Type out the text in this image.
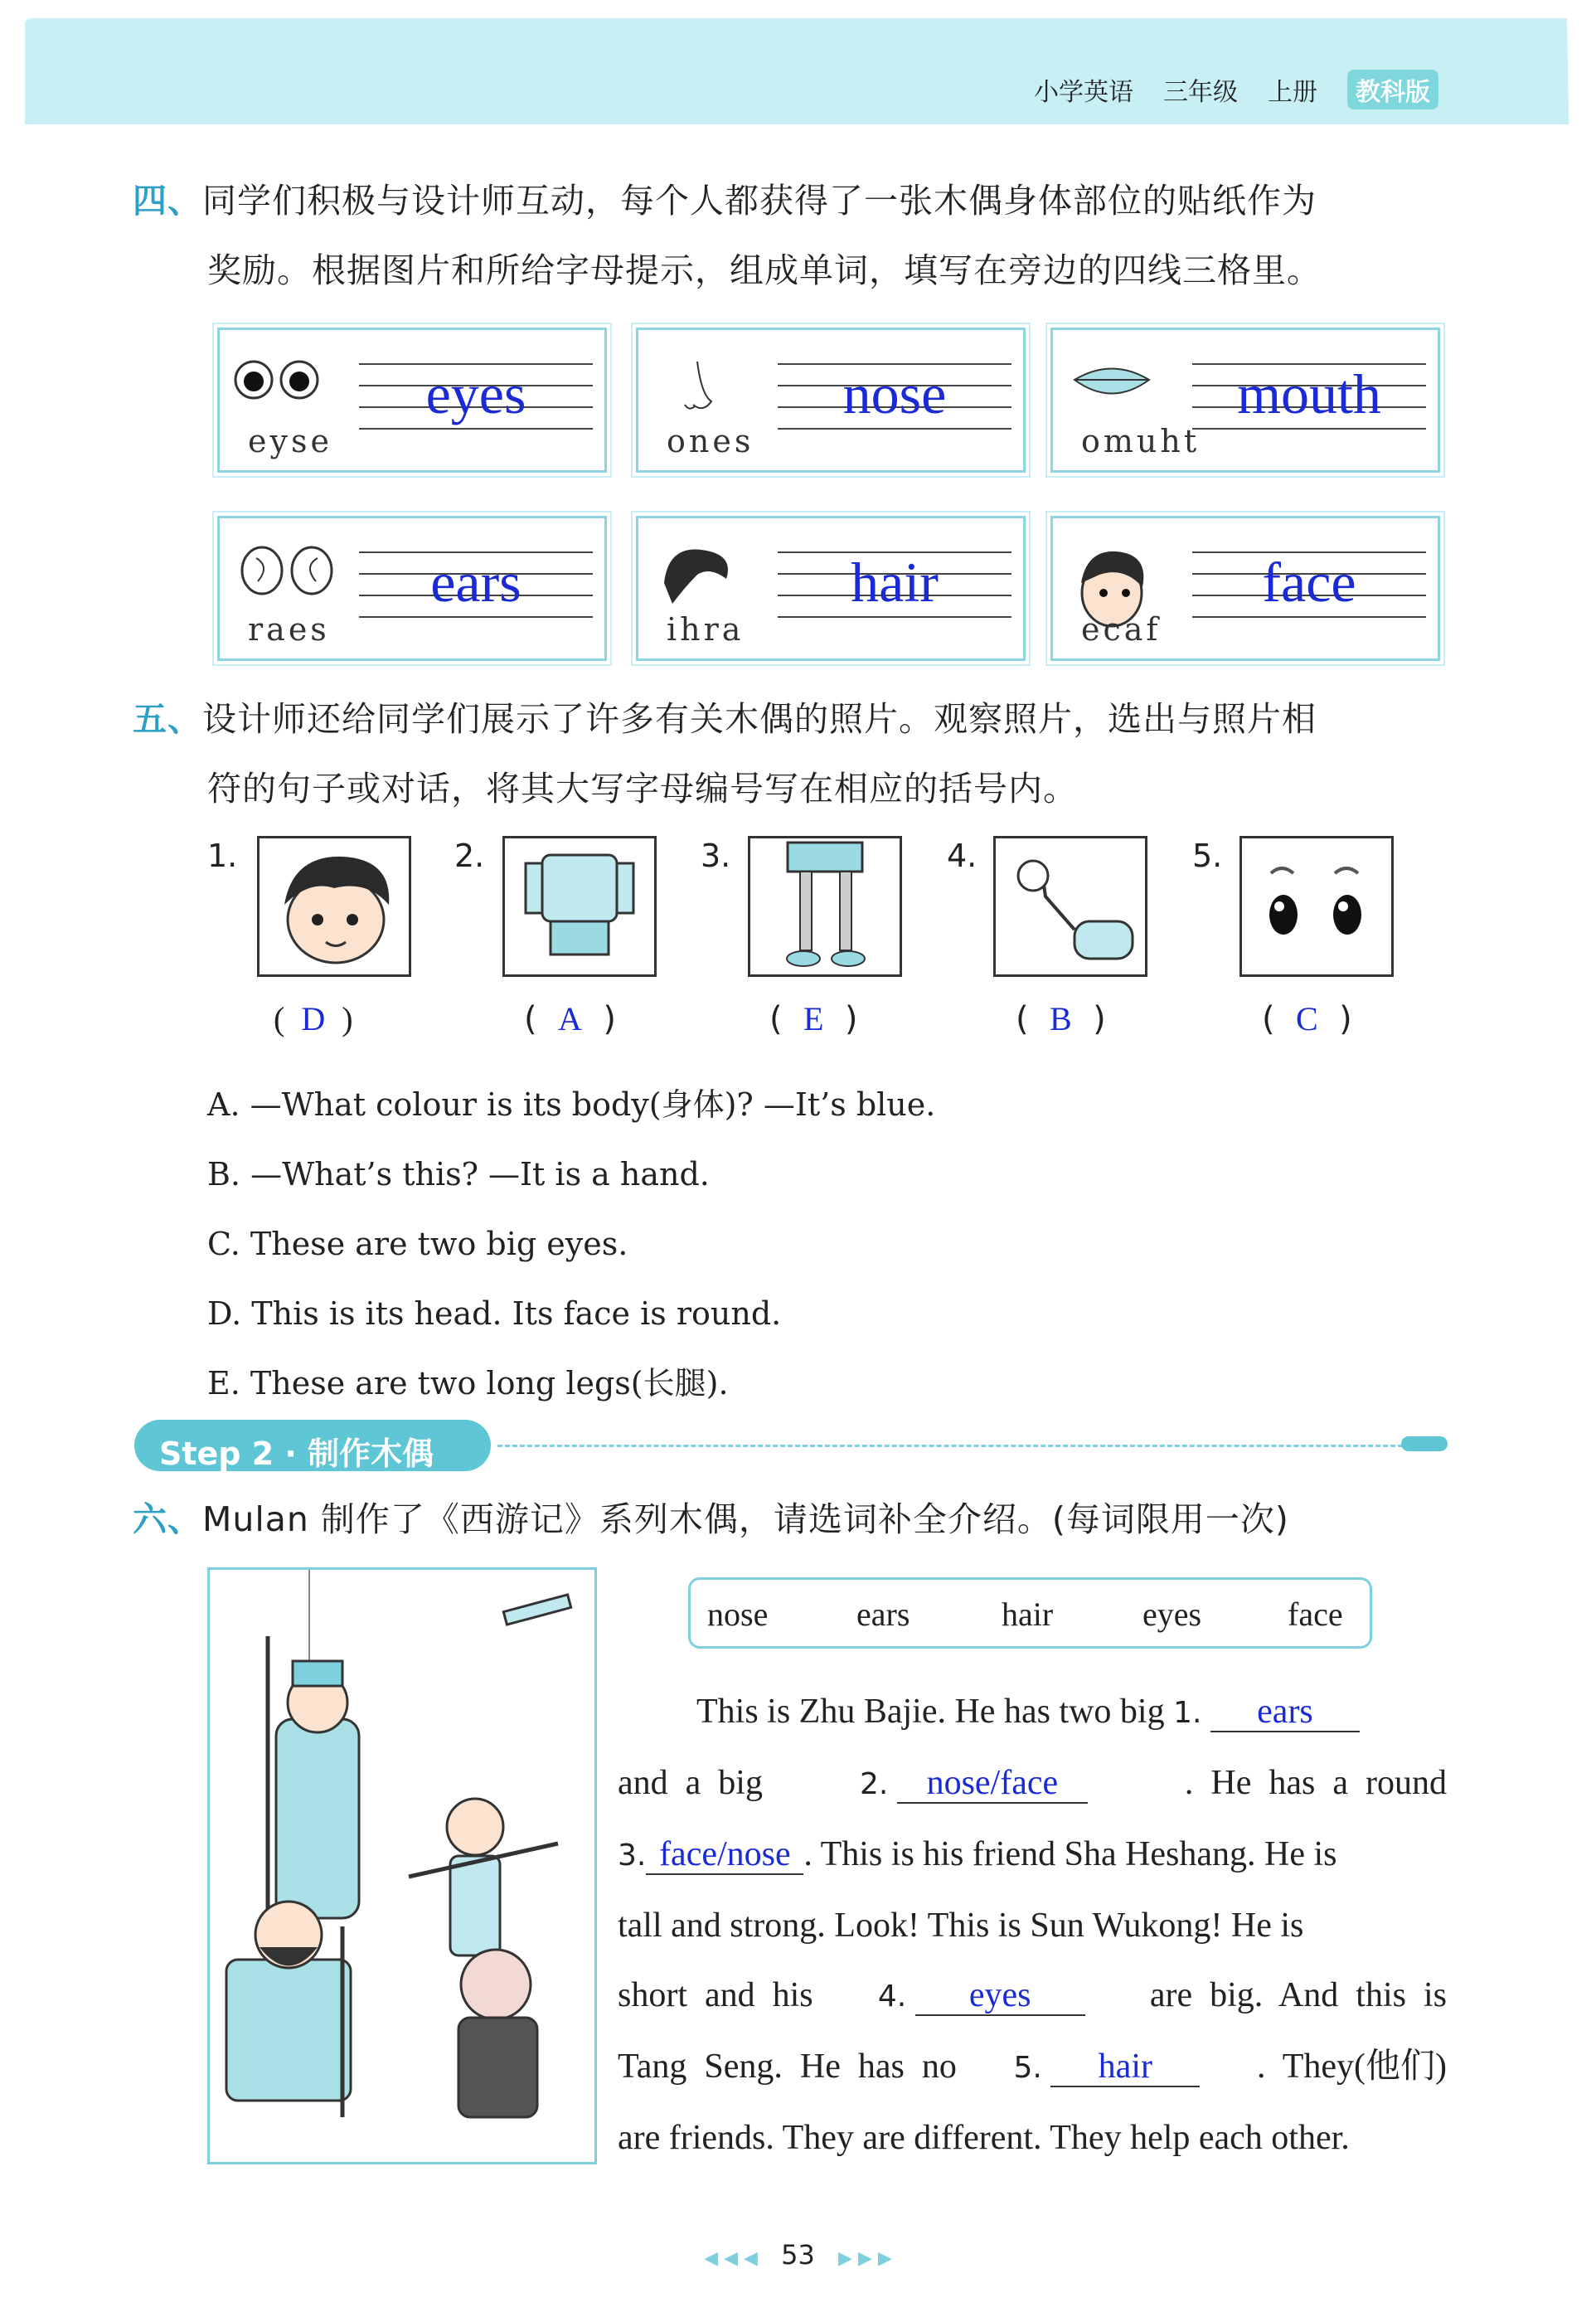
小学英语 三年级 上册	教科版
四、同学们积极与设计师互动，每个人都获得了一张木偶身体部位的贴纸作为
奖励。根据图片和所给字母提示，组成单词，填写在旁边的四线三格里。
eyse
eyes
ones
nose
omuht
mouth
raes
ears
ihra
hair
ecaf
face
五、设计师还给同学们展示了许多有关木偶的照片。观察照片，选出与照片相
符的句子或对话，将其大写字母编号写在相应的括号内。
1.
(  D  )
2.
(  A  )
3.
(  E  )
4.
(  B  )
5.
(  C  )
A. —What colour is its body(身体)? —It’s blue.
B. —What’s this? —It is a hand.
C. These are two big eyes.
D. This is its head. Its face is round.
E. These are two long legs(长腿).
Step 2 · 制作木偶
六、Mulan 制作了《西游记》系列木偶，请选词补全介绍。(每词限用一次)
nose	ears	hair	eyes	face
This is Zhu Bajie. He has two big 1. ears
and  a  big	2. nose/face	.  He  has  a  round
3. face/nose . This is his friend Sha Heshang. He is
tall and strong. Look! This is Sun Wukong! He is
short  and  his 4. eyes	are  big.  And  this  is
Tang  Seng.  He  has  no 5. hair	.  They(他们)
are friends. They are different. They help each other.
◀ ◀ ◀ 53 ▶ ▶ ▶
